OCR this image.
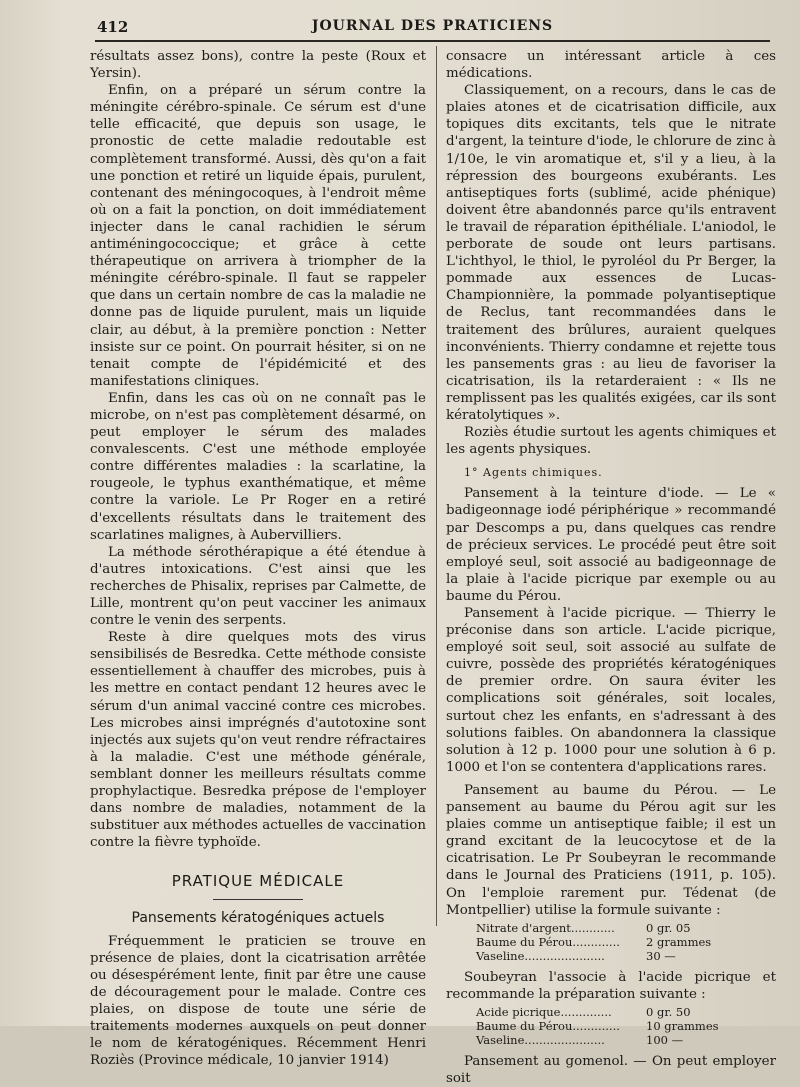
412	JOURNAL DES PRATICIENS

résultats assez bons), contre la peste (Roux et Yersin).

Enfin, on a préparé un sérum contre la méningite cérébro-spinale. Ce sérum est d'une telle efficacité, que depuis son usage, le pronostic de cette maladie redoutable est complètement transformé. Aussi, dès qu'on a fait une ponction et retiré un liquide épais, purulent, contenant des méningocoques, à l'endroit même où on a fait la ponction, on doit immédiatement injecter dans le canal rachidien le sérum antiméningococcique; et grâce à cette thérapeutique on arrivera à triompher de la méningite cérébro-spinale. Il faut se rappeler que dans un certain nombre de cas la maladie ne donne pas de liquide purulent, mais un liquide clair, au début, à la première ponction : Netter insiste sur ce point. On pourrait hésiter, si on ne tenait compte de l'épidémicité et des manifestations cliniques.

Enfin, dans les cas où on ne connaît pas le microbe, on n'est pas complètement désarmé, on peut employer le sérum des malades convalescents. C'est une méthode employée contre différentes maladies : la scarlatine, la rougeole, le typhus exanthématique, et même contre la variole. Le Pr Roger en a retiré d'excellents résultats dans le traitement des scarlatines malignes, à Aubervilliers.

La méthode sérothérapique a été étendue à d'autres intoxications. C'est ainsi que les recherches de Phisalix, reprises par Calmette, de Lille, montrent qu'on peut vacciner les animaux contre le venin des serpents.

Reste à dire quelques mots des virus sensibilisés de Besredka. Cette méthode consiste essentiellement à chauffer des microbes, puis à les mettre en contact pendant 12 heures avec le sérum d'un animal vacciné contre ces microbes. Les microbes ainsi imprégnés d'autotoxine sont injectés aux sujets qu'on veut rendre réfractaires à la maladie. C'est une méthode générale, semblant donner les meilleurs résultats comme prophylactique. Besredka prépose de l'employer dans nombre de maladies, notamment de la substituer aux méthodes actuelles de vaccination contre la fièvre typhoïde.

PRATIQUE MÉDICALE
Pansements kératogéniques actuels

Fréquemment le praticien se trouve en présence de plaies, dont la cicatrisation arrêtée ou désespérément lente, finit par être une cause de découragement pour le malade. Contre ces plaies, on dispose de toute une série de traitements modernes auxquels on peut donner le nom de kératogéniques. Récemment Henri Roziès (Province médicale, 10 janvier 1914)

consacre un intéressant article à ces médications.

Classiquement, on a recours, dans le cas de plaies atones et de cicatrisation difficile, aux topiques dits excitants, tels que le nitrate d'argent, la teinture d'iode, le chlorure de zinc à 1/10e, le vin aromatique et, s'il y a lieu, à la répression des bourgeons exubérants. Les antiseptiques forts (sublimé, acide phénique) doivent être abandonnés parce qu'ils entravent le travail de réparation épithéliale. L'aniodol, le perborate de soude ont leurs partisans. L'ichthyol, le thiol, le pyroléol du Pr Berger, la pommade aux essences de Lucas-Championnière, la pommade polyantiseptique de Reclus, tant recommandées dans le traitement des brûlures, auraient quelques inconvénients. Thierry condamne et rejette tous les pansements gras : au lieu de favoriser la cicatrisation, ils la retarderaient : « Ils ne remplissent pas les qualités exigées, car ils sont kératolytiques ».

Roziès étudie surtout les agents chimiques et les agents physiques.

1° Agents chimiques.

Pansement à la teinture d'iode. — Le « badigeonnage iodé périphérique » recommandé par Descomps a pu, dans quelques cas rendre de précieux services. Le procédé peut être soit employé seul, soit associé au badigeonnage de la plaie à l'acide picrique par exemple ou au baume du Pérou.

Pansement à l'acide picrique. — Thierry le préconise dans son article. L'acide picrique, employé soit seul, soit associé au sulfate de cuivre, possède des propriétés kératogéniques de premier ordre. On saura éviter les complications soit générales, soit locales, surtout chez les enfants, en s'adressant à des solutions faibles. On abandonnera la classique solution à 12 p. 1000 pour une solution à 6 p. 1000 et l'on se contentera d'applications rares.

Pansement au baume du Pérou. — Le pansement au baume du Pérou agit sur les plaies comme un antiseptique faible; il est un grand excitant de la leucocytose et de la cicatrisation. Le Pr Soubeyran le recommande dans le Journal des Praticiens (1911, p. 105). On l'emploie rarement pur. Tédenat (de Montpellier) utilise la formule suivante :

Nitrate d'argent............	0 gr. 05
Baume du Pérou.............	2 grammes
Vaseline......................	30 —

Soubeyran l'associe à l'acide picrique et recommande la préparation suivante :

Acide picrique..............	0 gr. 50
Baume du Pérou.............	10 grammes
Vaseline......................	100 —

Pansement au gomenol. — On peut employer soit
